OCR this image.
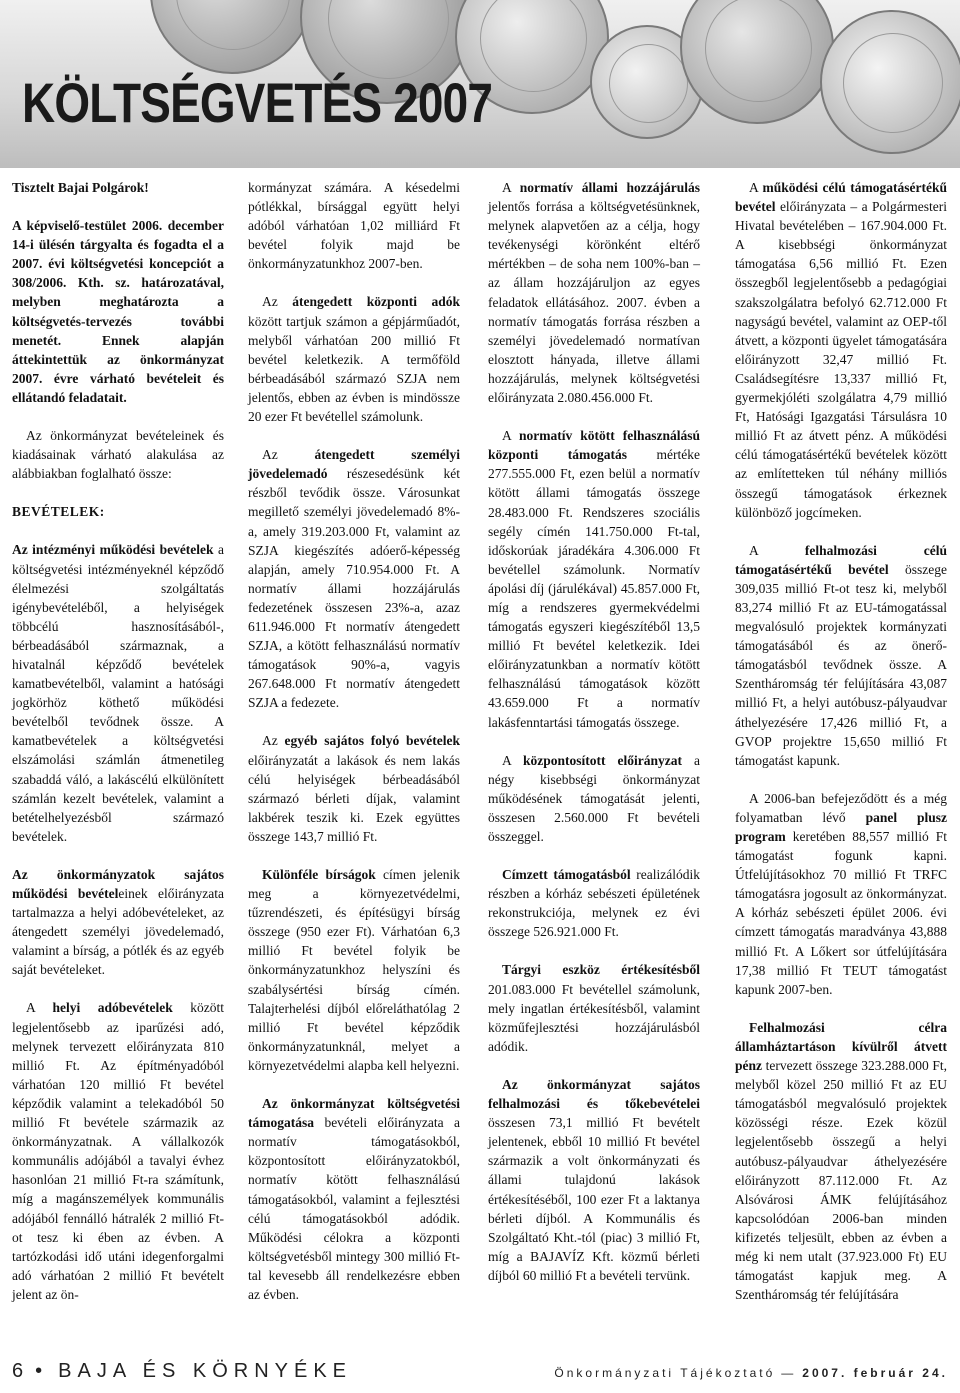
KÖLTSÉGVETÉS 2007

Tisztelt Bajai Polgárok!

A képviselő-testület 2006. december 14-i ülésén tárgyalta és fogadta el a 2007. évi költségvetési koncepciót a 308/2006. Kth. sz. határozatával, melyben meghatározta a költségvetés-tervezés további menetét. Ennek alapján áttekintettük az önkormányzat 2007. évre várható bevételeit és ellátandó feladatait.

Az önkormányzat bevételeinek és kiadásainak várható alakulása az alábbiakban foglalható össze:

BEVÉTELEK:

Az intézményi működési bevételek a költségvetési intézményeknél képződő élelmezési szolgáltatás igénybevételéből, a helyiségek többcélú hasznosításából-, bérbeadásából származnak, a hivatalnál képződő bevételek kamatbevételből, valamint a hatósági jogkörhöz köthető működési bevételből tevődnek össze. A kamatbevételek a költségvetési elszámolási számlán átmenetileg szabaddá váló, a lakáscélú elkülönített számlán kezelt bevételek, valamint a betételhelyezésből származó bevételek.

Az önkormányzatok sajátos működési bevételeinek előirányzata tartalmazza a helyi adóbevételeket, az átengedett személyi jövedelemadó, valamint a bírság, a pótlék és az egyéb saját bevételeket.

A helyi adóbevételek között legjelentősebb az iparűzési adó, melynek tervezett előirányzata 810 millió Ft. Az építményadóból várhatóan 120 millió Ft bevétel képződik valamint a telekadóból 50 millió Ft bevétele származik az önkormányzatnak. A vállalkozók kommunális adójából a tavalyi évhez hasonlóan 21 millió Ft-ra számítunk, míg a magánszemélyek kommunális adójából fennálló hátralék 2 millió Ft-ot tesz ki ében az évben. A tartózkodási idő utáni idegenforgalmi adó várhatóan 2 millió Ft bevételt jelent az ön-

kormányzat számára. A késedelmi pótlékkal, bírsággal együtt helyi adóból várhatóan 1,02 milliárd Ft bevétel folyik majd be önkormányzatunkhoz 2007-ben.

Az átengedett központi adók között tartjuk számon a gépjárműadót, melyből várhatóan 200 millió Ft bevétel keletkezik. A termőföld bérbeadásából származó SZJA nem jelentős, ebben az évben is mindössze 20 ezer Ft bevétellel számolunk.

Az átengedett személyi jövedelemadó részesedésünk két részből tevődik össze. Városunkat megillető személyi jövedelemadó 8%-a, amely 319.203.000 Ft, valamint az SZJA kiegészítés adóerő-képesség alapján, amely 710.954.000 Ft. A normatív állami hozzájárulás fedezetének összesen 23%-a, azaz 611.946.000 Ft normatív átengedett SZJA, a kötött felhasználású normatív támogatások 90%-a, vagyis 267.648.000 Ft normatív átengedett SZJA a fedezete.

Az egyéb sajátos folyó bevételek előirányzatát a lakások és nem lakás célú helyiségek bérbeadásából származó bérleti díjak, valamint lakbérek teszik ki. Ezek együttes összege 143,7 millió Ft.

Különféle bírságok címen jelenik meg a környezetvédelmi, tűzrendészeti, és építésügyi bírság összege (950 ezer Ft). Várhatóan 6,3 millió Ft bevétel folyik be önkormányzatunkhoz helyszíni és szabálysértési bírság címén. Talajterhelési díjból előreláthatólag 2 millió Ft bevétel képződik önkormányzatunknál, melyet a környezetvédelmi alapba kell helyezni.

Az önkormányzat költségvetési támogatása bevételi előirányzata a normatív támogatásokból, központosított előirányzatokból, normatív kötött felhasználású támogatásokból, valamint a fejlesztési célú támogatásokból adódik. Működési célokra a központi költségvetésből mintegy 300 millió Ft-tal kevesebb áll rendelkezésre ebben az évben.

A normatív állami hozzájárulás jelentős forrása a költségvetésünknek, melynek alapvetően az a célja, hogy tevékenységi körönként eltérő mértékben – de soha nem 100%-ban – az állam hozzájáruljon az egyes feladatok ellátásához. 2007. évben a normatív támogatás forrása részben a személyi jövedelemadó normatívan elosztott hányada, illetve állami hozzájárulás, melynek költségvetési előirányzata 2.080.456.000 Ft.

A normatív kötött felhasználású központi támogatás mértéke 277.555.000 Ft, ezen belül a normatív kötött állami támogatás összege 28.483.000 Ft. Rendszeres szociális segély címén 141.750.000 Ft-tal, időskorúak járadékára 4.306.000 Ft bevétellel számolunk. Normatív ápolási díj (járulékával) 45.857.000 Ft, míg a rendszeres gyermekvédelmi támogatás egyszeri kiegészítéből 13,5 millió Ft bevétel keletkezik. Idei előirányzatunkban a normatív kötött felhasználású támogatások között 43.659.000 Ft a normatív lakásfenntartási támogatás összege.

A központosított előirányzat a négy kisebbségi önkormányzat működésének támogatását jelenti, összesen 2.560.000 Ft bevételi összeggel.

Címzett támogatásból realizálódik részben a kórház sebészeti épületének rekonstrukciója, melynek ez évi összege 526.921.000 Ft.

Tárgyi eszköz értékesítésből 201.083.000 Ft bevétellel számolunk, mely ingatlan értékesítésből, valamint közműfejlesztési hozzájárulásból adódik.

Az önkormányzat sajátos felhalmozási és tőkebevételei összesen 73,1 millió Ft bevételt jelentenek, ebből 10 millió Ft bevétel származik a volt önkormányzati és állami tulajdonú lakások értékesítéséből, 100 ezer Ft a laktanya bérleti díjból. A Kommunális és Szolgáltató Kht.-tól (piac) 3 millió Ft, míg a BAJAVÍZ Kft. közmű bérleti díjból 60 millió Ft a bevételi tervünk.

A működési célú támogatásértékű bevétel előirányzata – a Polgármesteri Hivatal bevételében – 167.904.000 Ft. A kisebbségi önkormányzat támogatása 6,56 millió Ft. Ezen összegből legjelentősebb a pedagógiai szakszolgálatra befolyó 62.712.000 Ft nagyságú bevétel, valamint az OEP-től átvett, a központi ügyelet támogatására előirányzott 32,47 millió Ft. Családsegítésre 13,337 millió Ft, gyermekjóléti szolgálatra 4,79 millió Ft, Hatósági Igazgatási Társulásra 10 millió Ft az átvett pénz. A működési célú támogatásértékű bevételek között az említetteken túl néhány milliós összegű támogatások érkeznek különböző jogcímeken.

A felhalmozási célú támogatásértékű bevétel összege 309,035 millió Ft-ot tesz ki, melyből 83,274 millió Ft az EU-támogatással megvalósuló projektek kormányzati támogatásából és az önerő-támogatásból tevődnek össze. A Szentháromság tér felújítására 43,087 millió Ft, a helyi autóbusz-pályaudvar áthelyezésére 17,426 millió Ft, a GVOP projektre 15,650 millió Ft támogatást kapunk.

A 2006-ban befejeződött és a még folyamatban lévő panel plusz program keretében 88,557 millió Ft támogatást fogunk kapni. Útfelújításokhoz 70 millió Ft TRFC támogatásra jogosult az önkormányzat. A kórház sebészeti épület 2006. évi címzett támogatás maradványa 43,888 millió Ft. A Lőkert sor útfelújítására 17,38 millió Ft TEUT támogatást kapunk 2007-ben.

Felhalmozási célra államháztartáson kívülről átvett pénz tervezett összege 323.288.000 Ft, melyből közel 250 millió Ft az EU támogatásból megvalósuló projektek közösségi része. Ezek közül legjelentősebb összegű a helyi autóbusz-pályaudvar áthelyezésére előirányzott 87.112.000 Ft. Az Alsóvárosi ÁMK felújításához kapcsolódóan 2006-ban minden kifizetés teljesült, ebben az évben a még ki nem utalt (37.923.000 Ft) EU támogatást kapjuk meg. A Szentháromság tér felújítására

6 • BAJA ÉS KÖRNYÉKE	Önkormányzati Tájékoztató — 2007. február 24.
